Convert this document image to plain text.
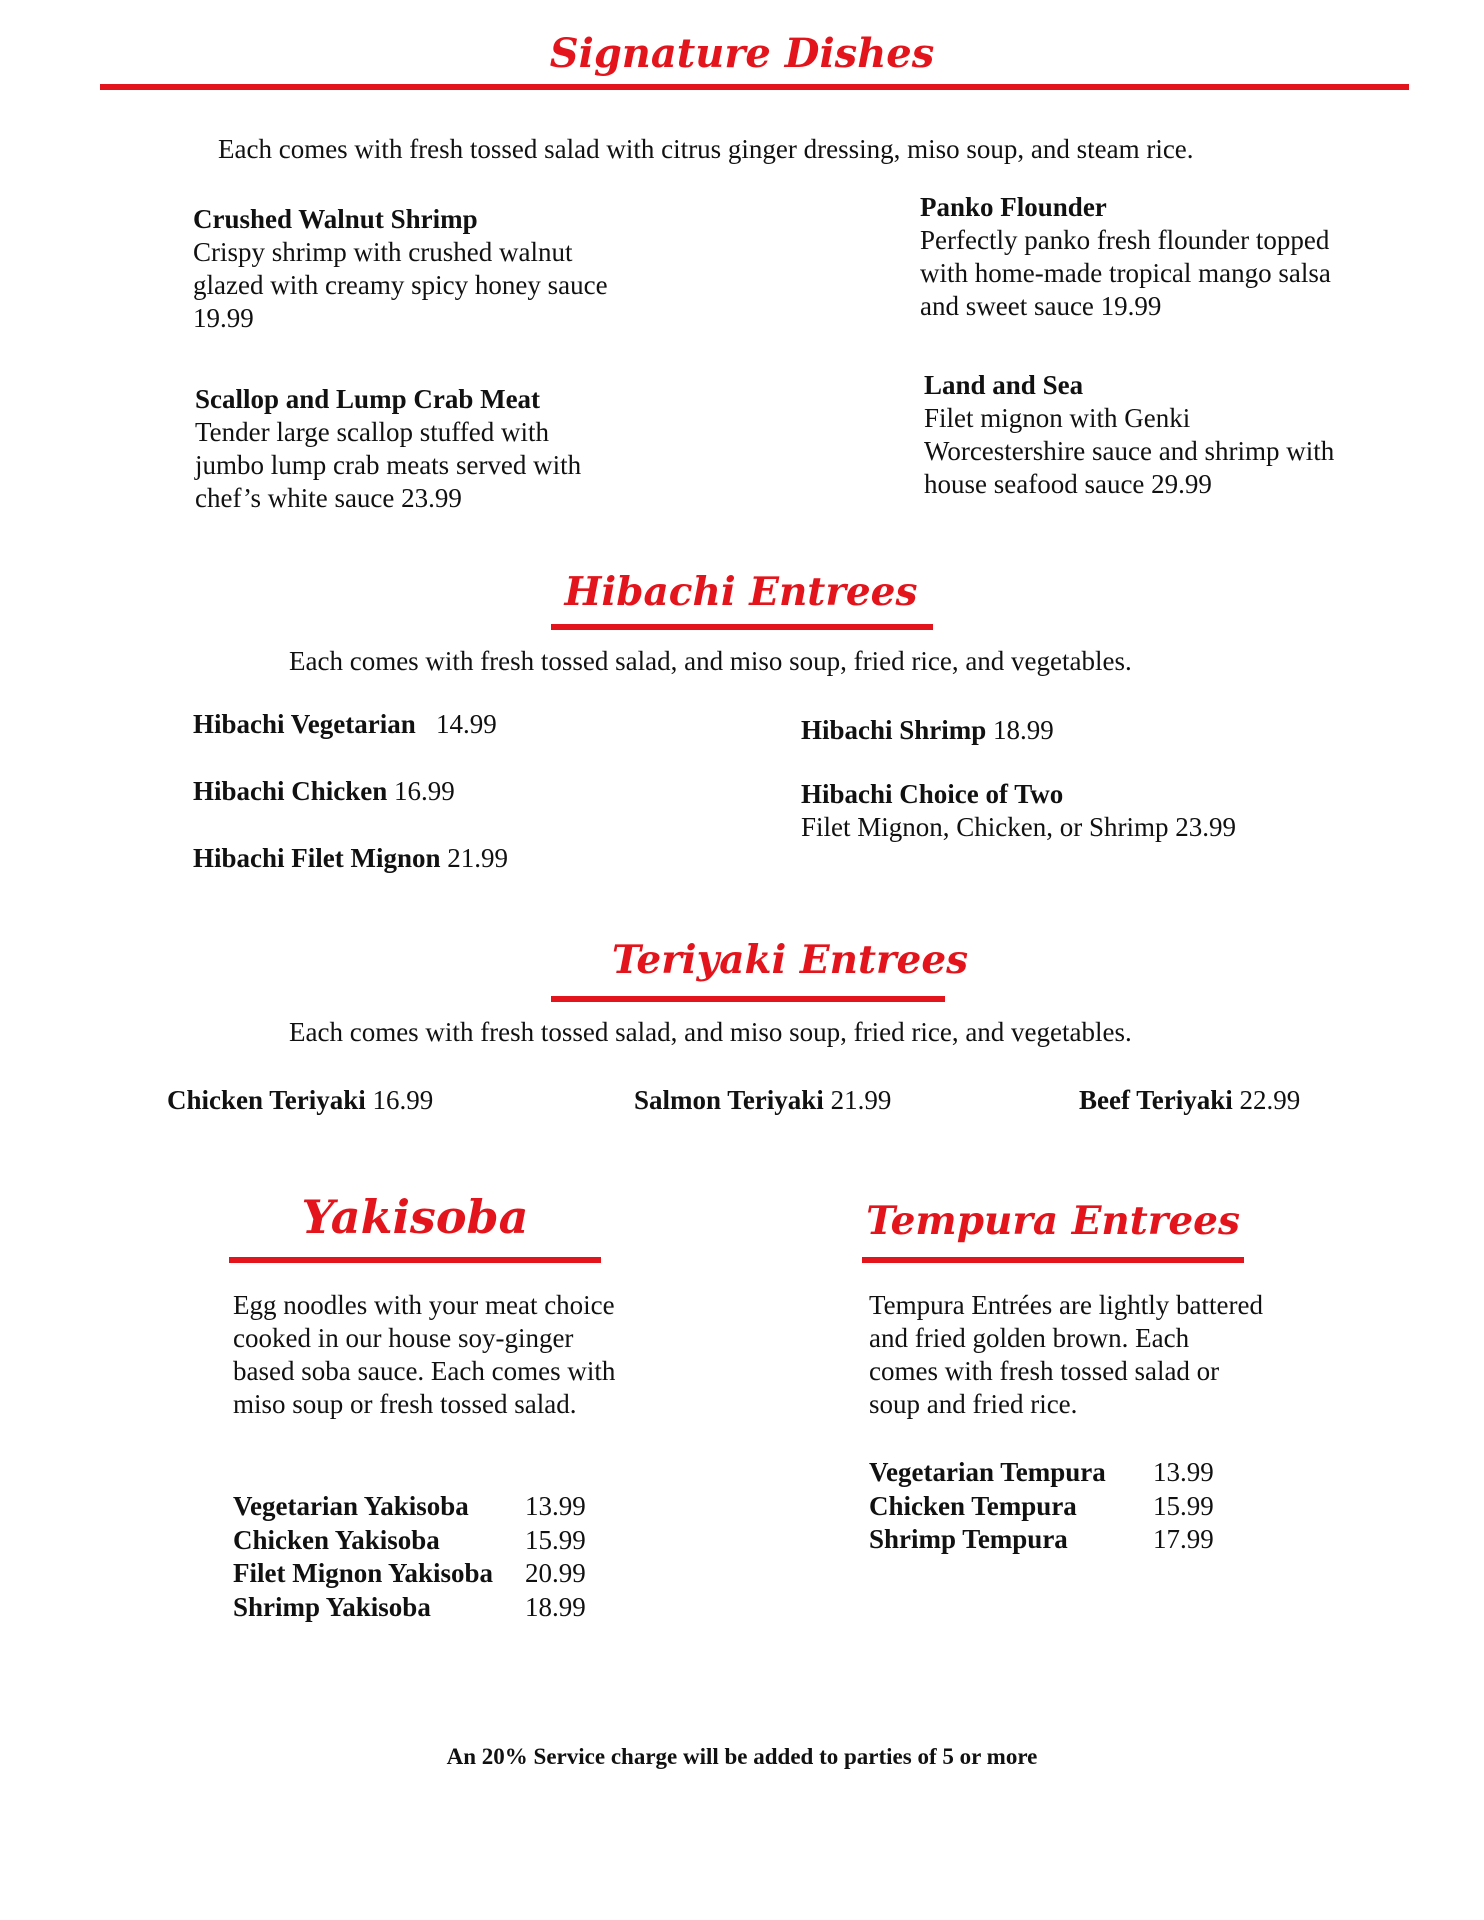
Signature Dishes
Each comes with fresh tossed salad with citrus ginger dressing, miso soup, and steam rice.
Crushed Walnut Shrimp
Crispy shrimp with crushed walnut glazed with creamy spicy honey sauce 19.99
Panko Flounder
Perfectly panko fresh flounder topped with home-made tropical mango salsa and sweet sauce 19.99
Scallop and Lump Crab Meat
Tender large scallop stuffed with jumbo lump crab meats served with chef’s white sauce 23.99
Land and Sea
Filet mignon with Genki Worcestershire sauce and shrimp with house seafood sauce 29.99
Hibachi Entrees
Each comes with fresh tossed salad, and miso soup, fried rice, and vegetables.
Hibachi Vegetarian 14.99
Hibachi Chicken 16.99
Hibachi Filet Mignon 21.99
Hibachi Shrimp 18.99
Hibachi Choice of Two
Filet Mignon, Chicken, or Shrimp 23.99
Teriyaki Entrees
Each comes with fresh tossed salad, and miso soup, fried rice, and vegetables.
Chicken Teriyaki 16.99	Salmon Teriyaki 21.99	Beef Teriyaki 22.99
Yakisoba
Egg noodles with your meat choice cooked in our house soy-ginger based soba sauce. Each comes with miso soup or fresh tossed salad.
Vegetarian Yakisoba	13.99
Chicken Yakisoba	15.99
Filet Mignon Yakisoba	20.99
Shrimp Yakisoba	18.99
Tempura Entrees
Tempura Entrées are lightly battered and fried golden brown. Each comes with fresh tossed salad or soup and fried rice.
Vegetarian Tempura	13.99
Chicken Tempura	15.99
Shrimp Tempura	17.99
An 20% Service charge will be added to parties of 5 or more
